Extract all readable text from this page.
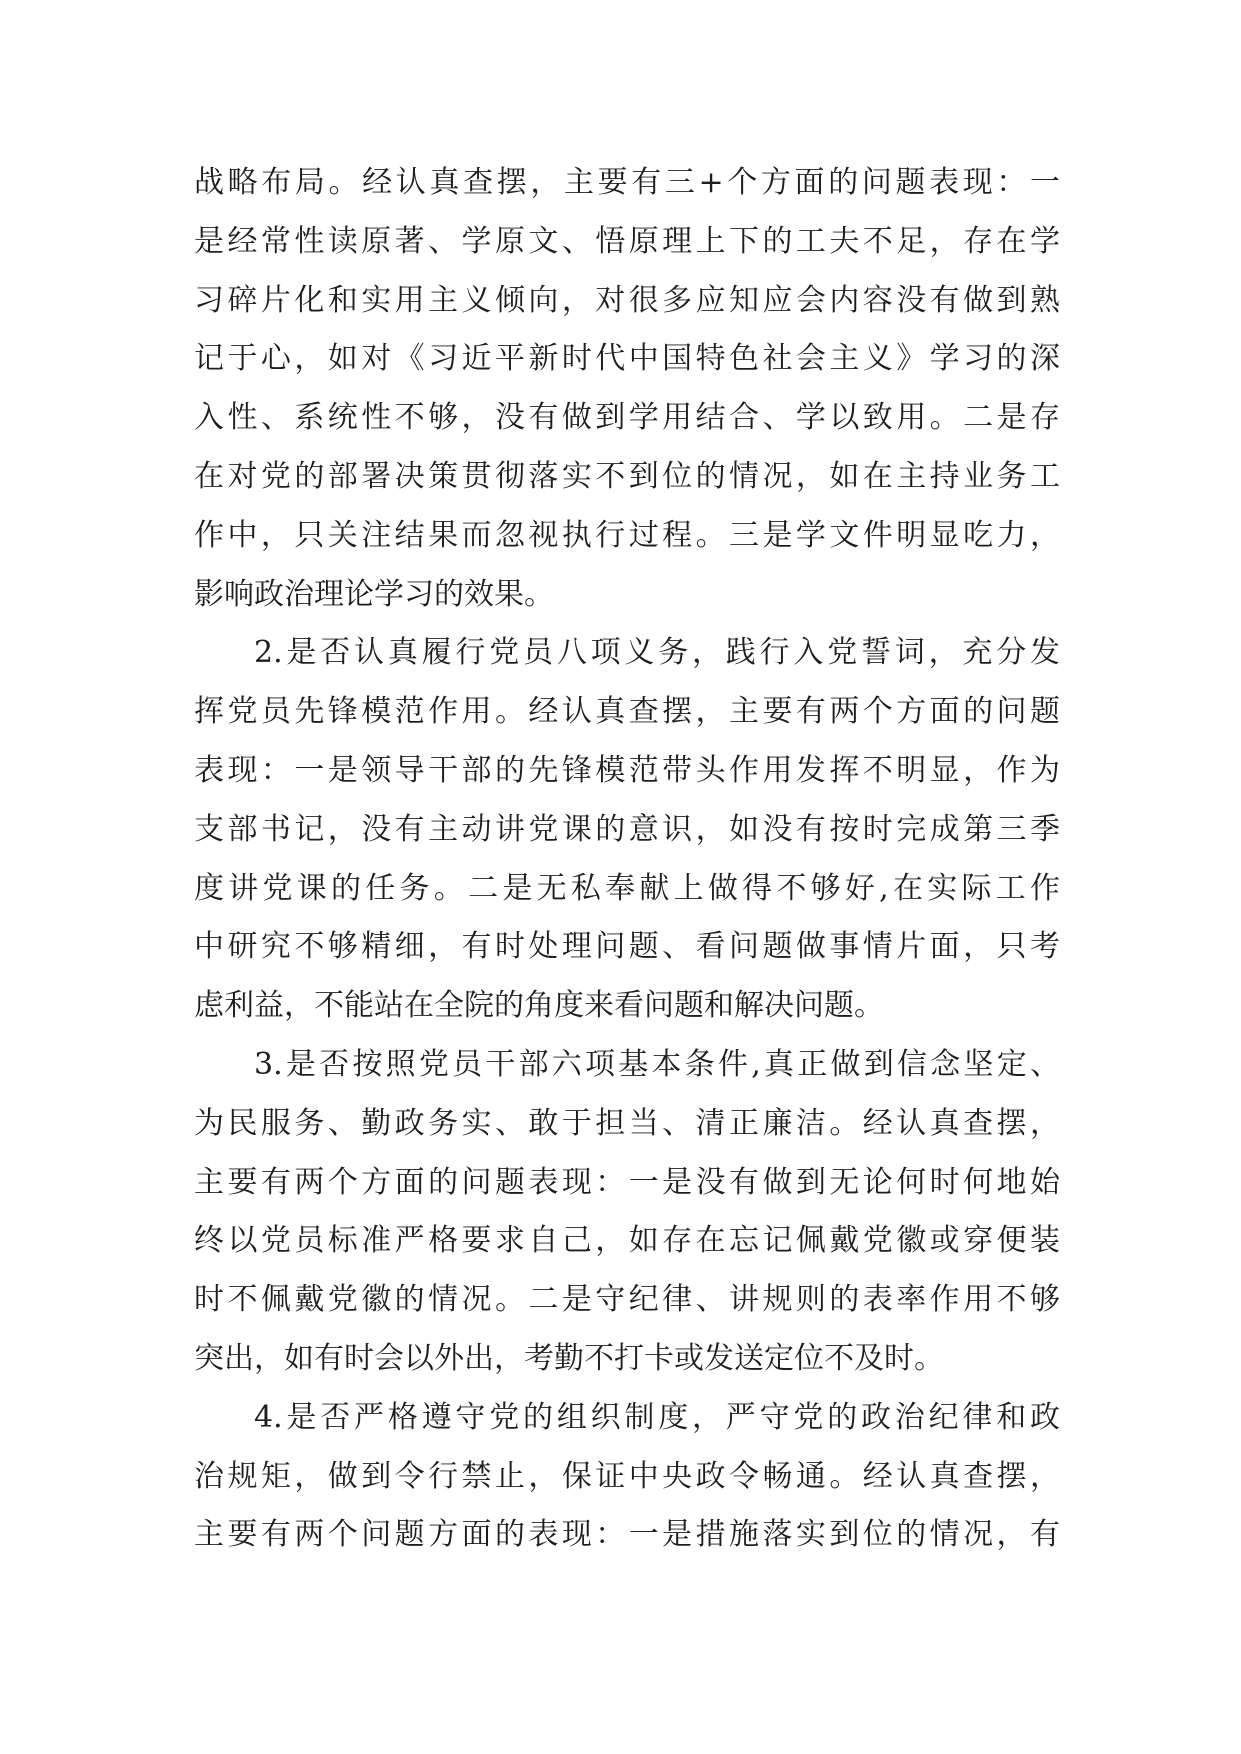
战略布局。经认真查摆，主要有三+个方面的问题表现：一
是经常性读原著、学原文、悟原理上下的工夫不足，存在学
习碎片化和实用主义倾向，对很多应知应会内容没有做到熟
记于心，如对《习近平新时代中国特色社会主义》学习的深
入性、系统性不够，没有做到学用结合、学以致用。二是存
在对党的部署决策贯彻落实不到位的情况，如在主持业务工
作中，只关注结果而忽视执行过程。三是学文件明显吃力，
影响政治理论学习的效果。
2.是否认真履行党员八项义务，践行入党誓词，充分发
挥党员先锋模范作用。经认真查摆，主要有两个方面的问题
表现：一是领导干部的先锋模范带头作用发挥不明显，作为
支部书记，没有主动讲党课的意识，如没有按时完成第三季
度讲党课的任务。二是无私奉献上做得不够好,在实际工作
中研究不够精细，有时处理问题、看问题做事情片面，只考
虑利益，不能站在全院的角度来看问题和解决问题。
3.是否按照党员干部六项基本条件,真正做到信念坚定、
为民服务、勤政务实、敢于担当、清正廉洁。经认真查摆，
主要有两个方面的问题表现：一是没有做到无论何时何地始
终以党员标准严格要求自己，如存在忘记佩戴党徽或穿便装
时不佩戴党徽的情况。二是守纪律、讲规则的表率作用不够
突出，如有时会以外出，考勤不打卡或发送定位不及时。
4.是否严格遵守党的组织制度，严守党的政治纪律和政
治规矩，做到令行禁止，保证中央政令畅通。经认真查摆，
主要有两个问题方面的表现：一是措施落实到位的情况，有
